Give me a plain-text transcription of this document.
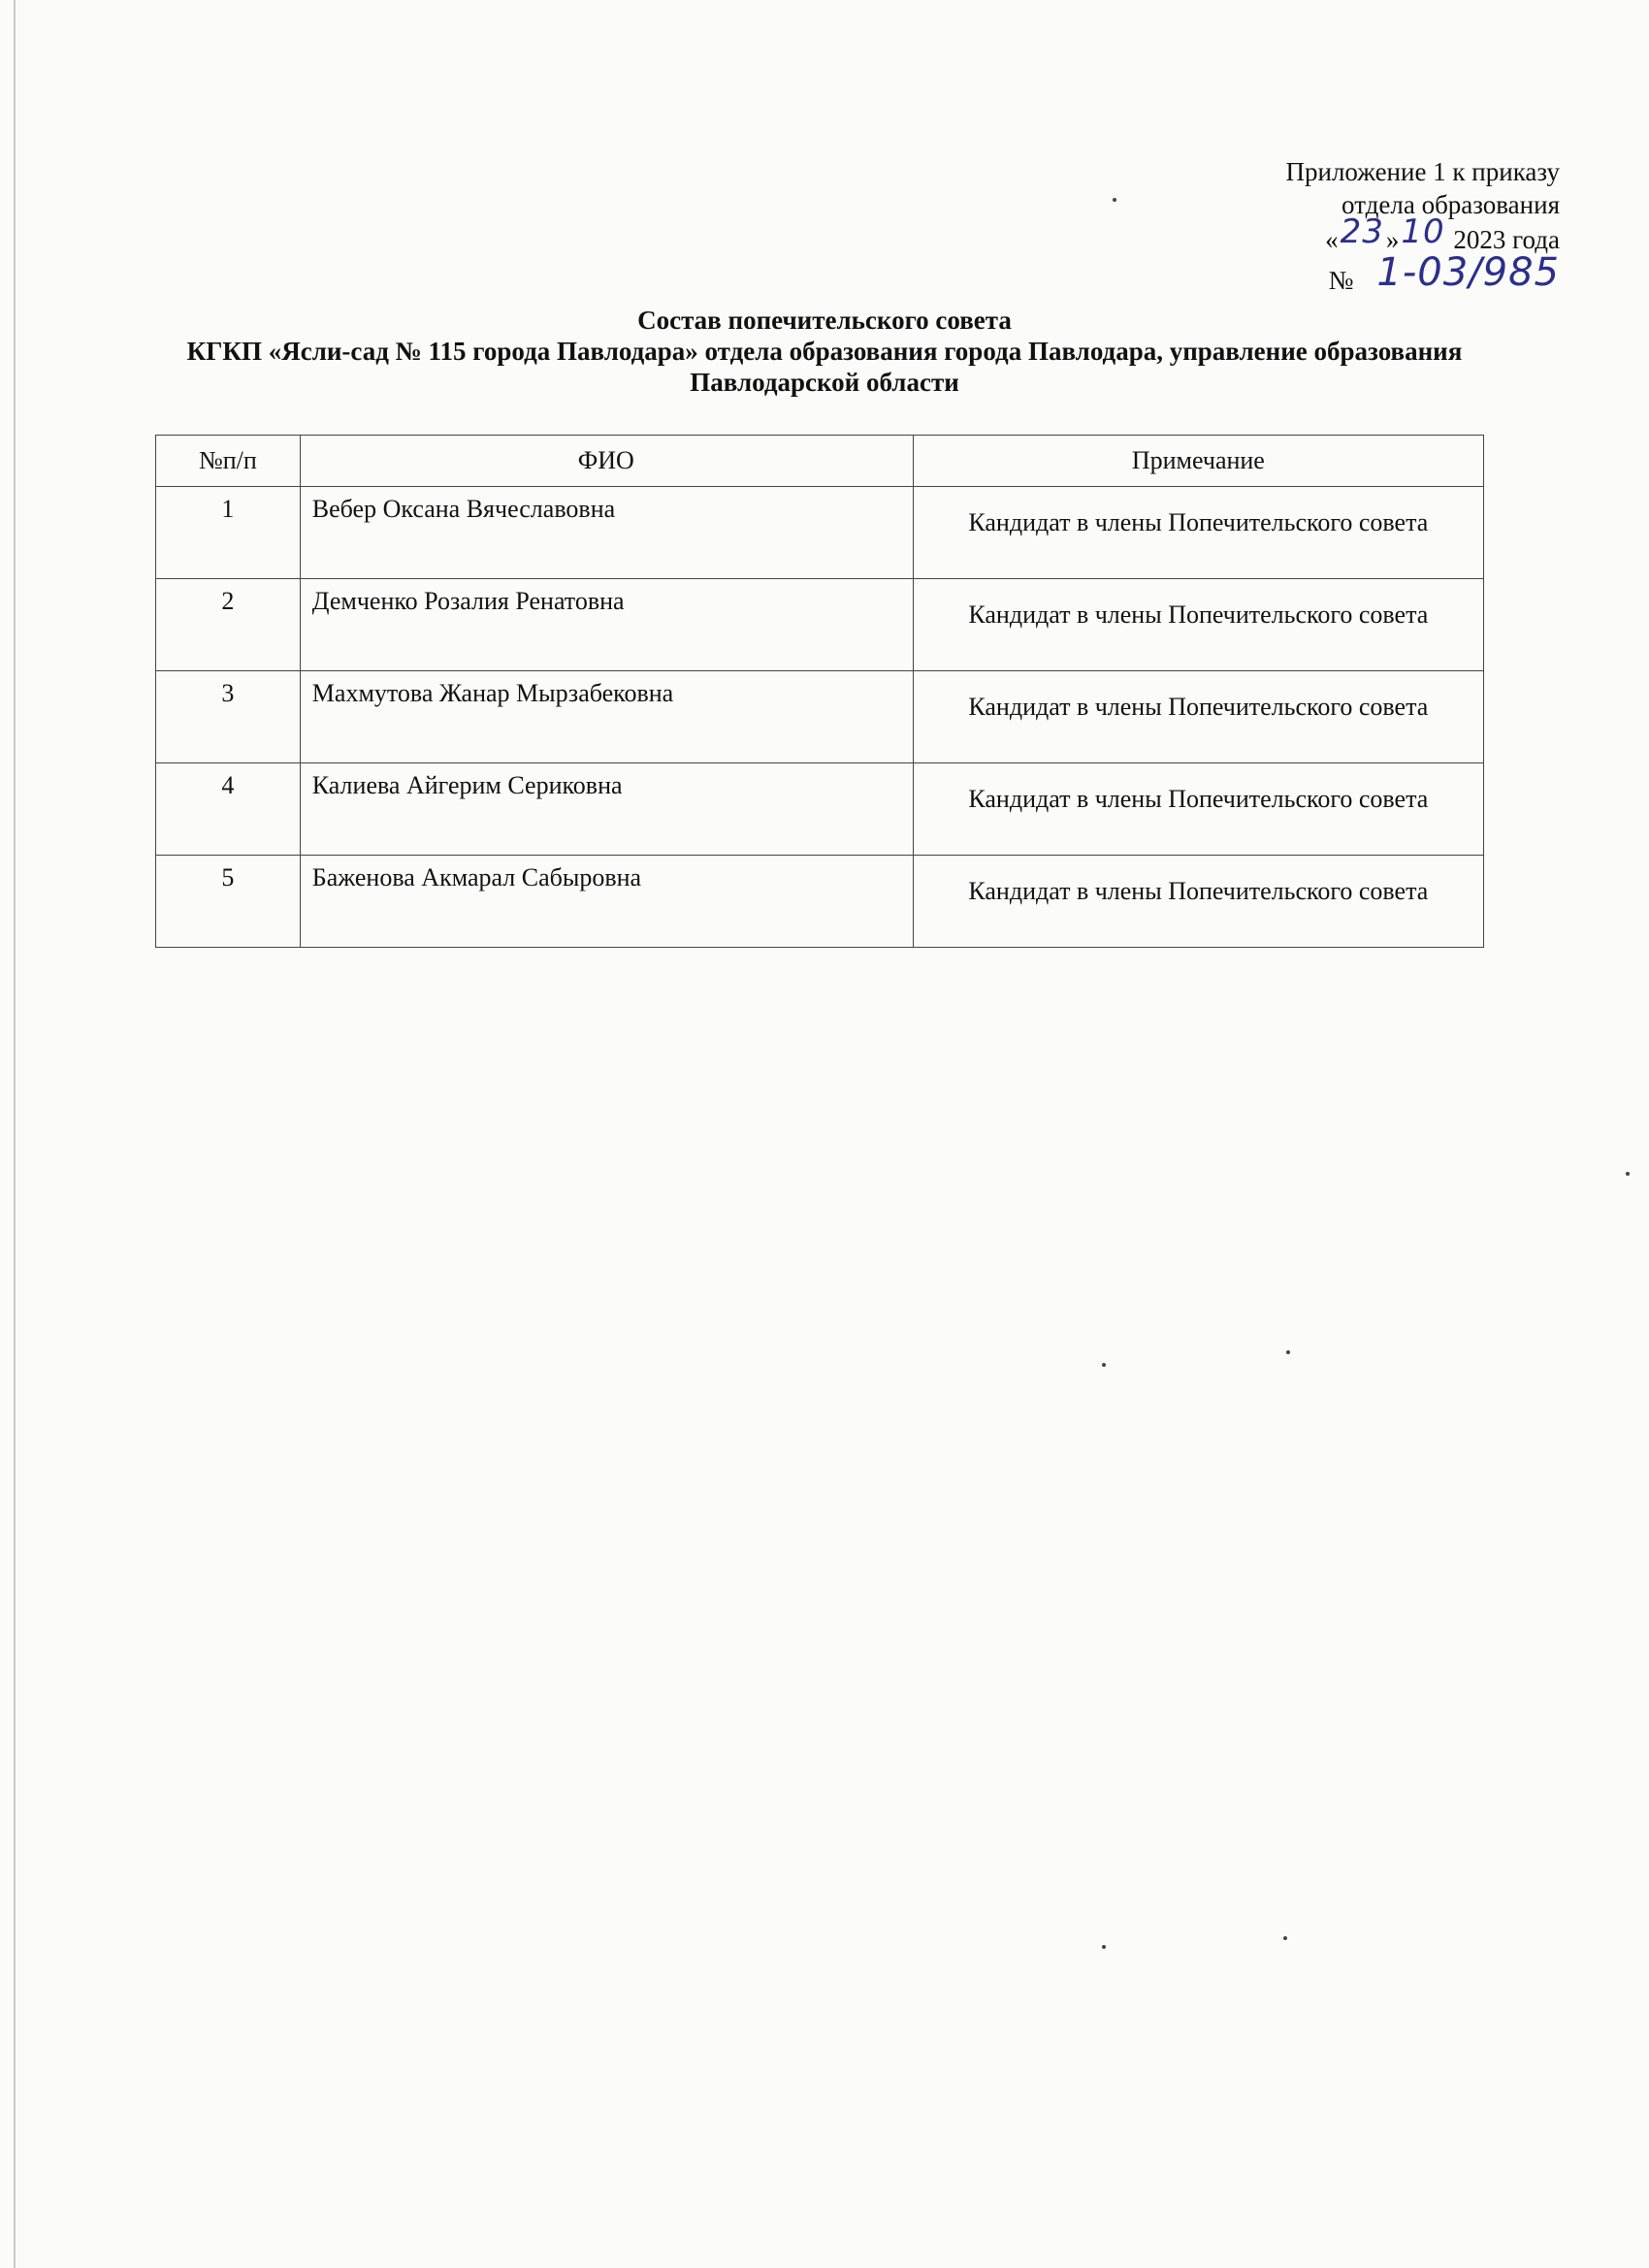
Приложение 1 к приказу
отдела образования
«23»10 2023 года
№ 1-03/985
Состав попечительского совета
КГКП «Ясли-сад № 115 города Павлодара» отдела образования города Павлодара, управление образования
Павлодарской области
№п/п	ФИО	Примечание
1	Вебер Оксана Вячеславовна	Кандидат в члены Попечительского совета
2	Демченко Розалия Ренатовна	Кандидат в члены Попечительского совета
3	Махмутова Жанар Мырзабековна	Кандидат в члены Попечительского совета
4	Калиева Айгерим Сериковна	Кандидат в члены Попечительского совета
5	Баженова Акмарал Сабыровна	Кандидат в члены Попечительского совета
